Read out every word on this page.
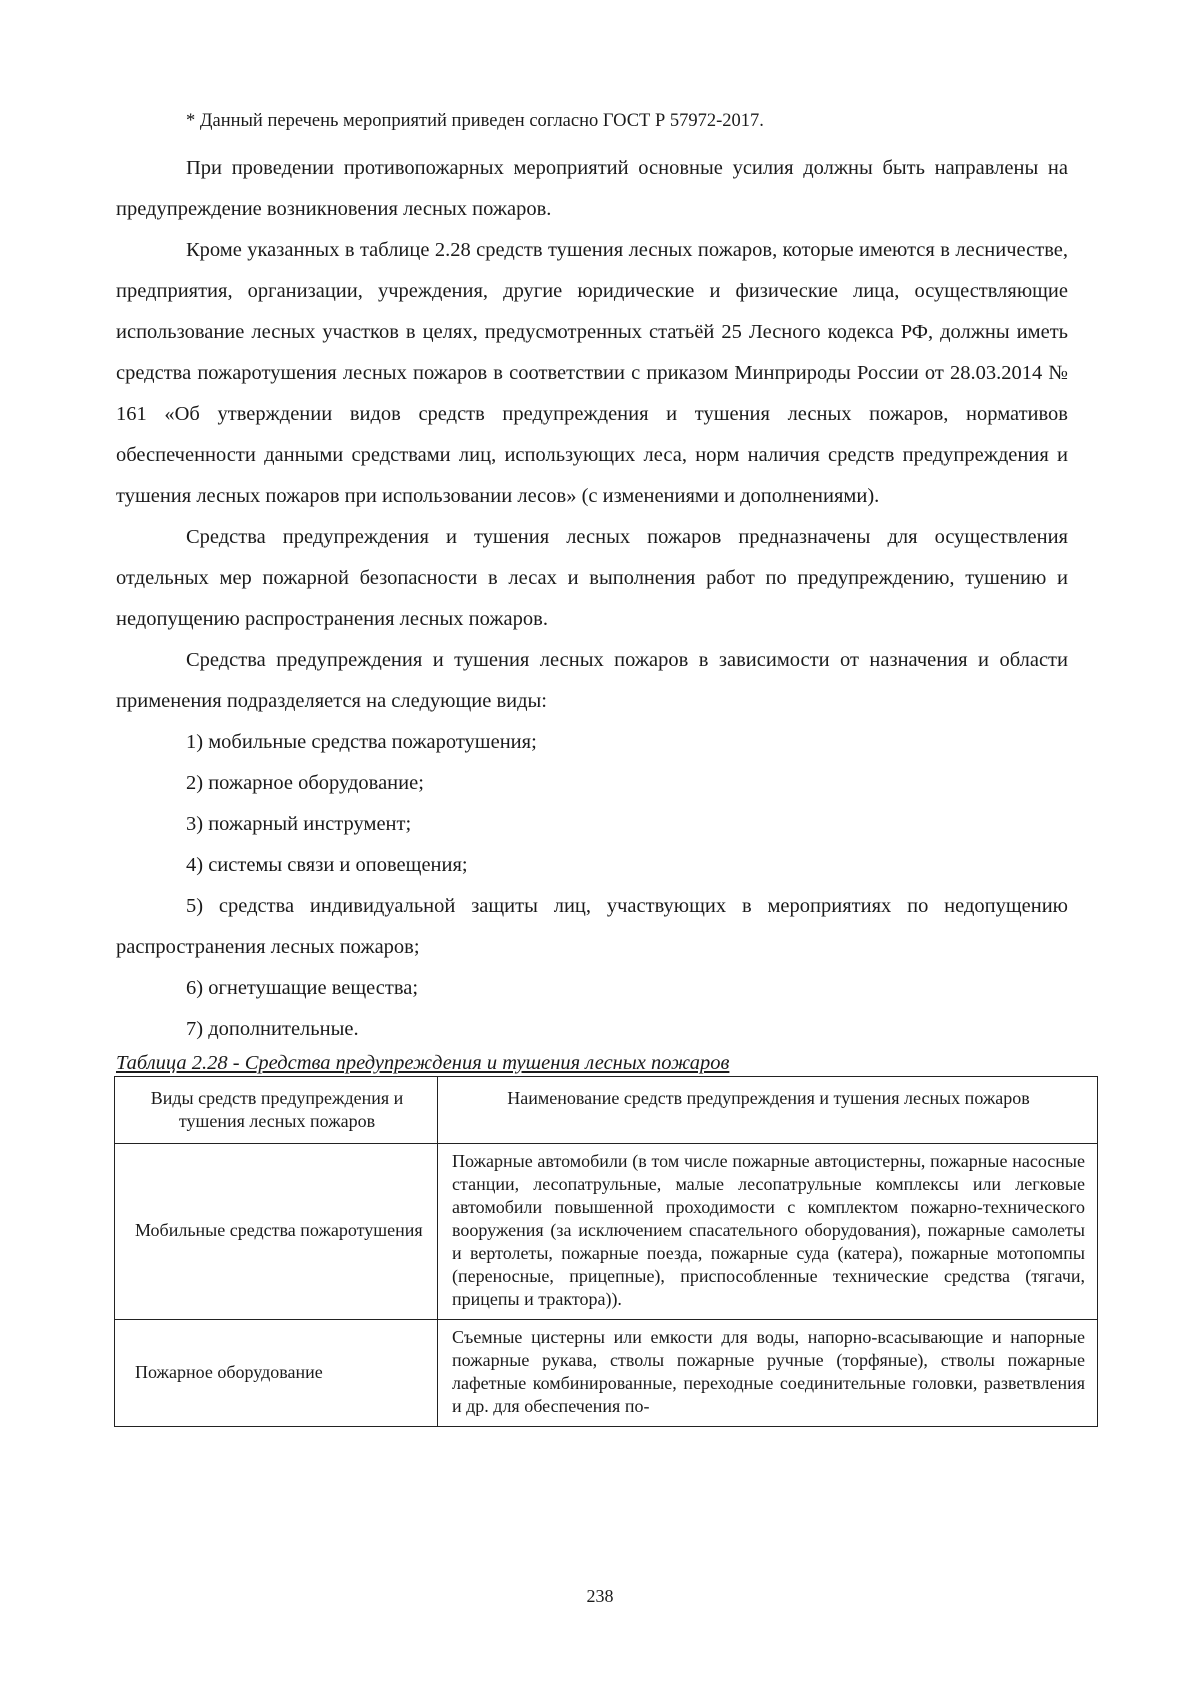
* Данный перечень мероприятий приведен согласно ГОСТ Р 57972-2017.

При проведении противопожарных мероприятий основные усилия должны быть направлены на предупреждение возникновения лесных пожаров.

Кроме указанных в таблице 2.28 средств тушения лесных пожаров, которые имеются в лесничестве, предприятия, организации, учреждения, другие юридические и физические лица, осуществляющие использование лесных участков в целях, предусмотренных статьёй 25 Лесного кодекса РФ, должны иметь средства пожаротушения лесных пожаров в соответствии с приказом Минприроды России от 28.03.2014 № 161 «Об утверждении видов средств предупреждения и тушения лесных пожаров, нормативов обеспеченности данными средствами лиц, использующих леса, норм наличия средств предупреждения и тушения лесных пожаров при использовании лесов» (с изменениями и дополнениями).

Средства предупреждения и тушения лесных пожаров предназначены для осуществления отдельных мер пожарной безопасности в лесах и выполнения работ по предупреждению, тушению и недопущению распространения лесных пожаров.

Средства предупреждения и тушения лесных пожаров в зависимости от назначения и области применения подразделяется на следующие виды:

1) мобильные средства пожаротушения;
2) пожарное оборудование;
3) пожарный инструмент;
4) системы связи и оповещения;
5) средства индивидуальной защиты лиц, участвующих в мероприятиях по недопущению распространения лесных пожаров;
6) огнетушащие вещества;
7) дополнительные.

Таблица 2.28 - Средства предупреждения и тушения лесных пожаров

Виды средств предупреждения и тушения лесных пожаров	Наименование средств предупреждения и тушения лесных пожаров
Мобильные средства пожаротушения	Пожарные автомобили (в том числе пожарные автоцистерны, пожарные насосные станции, лесопатрульные, малые лесопатрульные комплексы или легковые автомобили повышенной проходимости с комплектом пожарно-технического вооружения (за исключением спасательного оборудования), пожарные самолеты и вертолеты, пожарные поезда, пожарные суда (катера), пожарные мотопомпы (переносные, прицепные), приспособленные технические средства (тягачи, прицепы и трактора)).
Пожарное оборудование	Съемные цистерны или емкости для воды, напорно-всасывающие и напорные пожарные рукава, стволы пожарные ручные (торфяные), стволы пожарные лафетные комбинированные, переходные соединительные головки, разветвления и др. для обеспечения по-
238
